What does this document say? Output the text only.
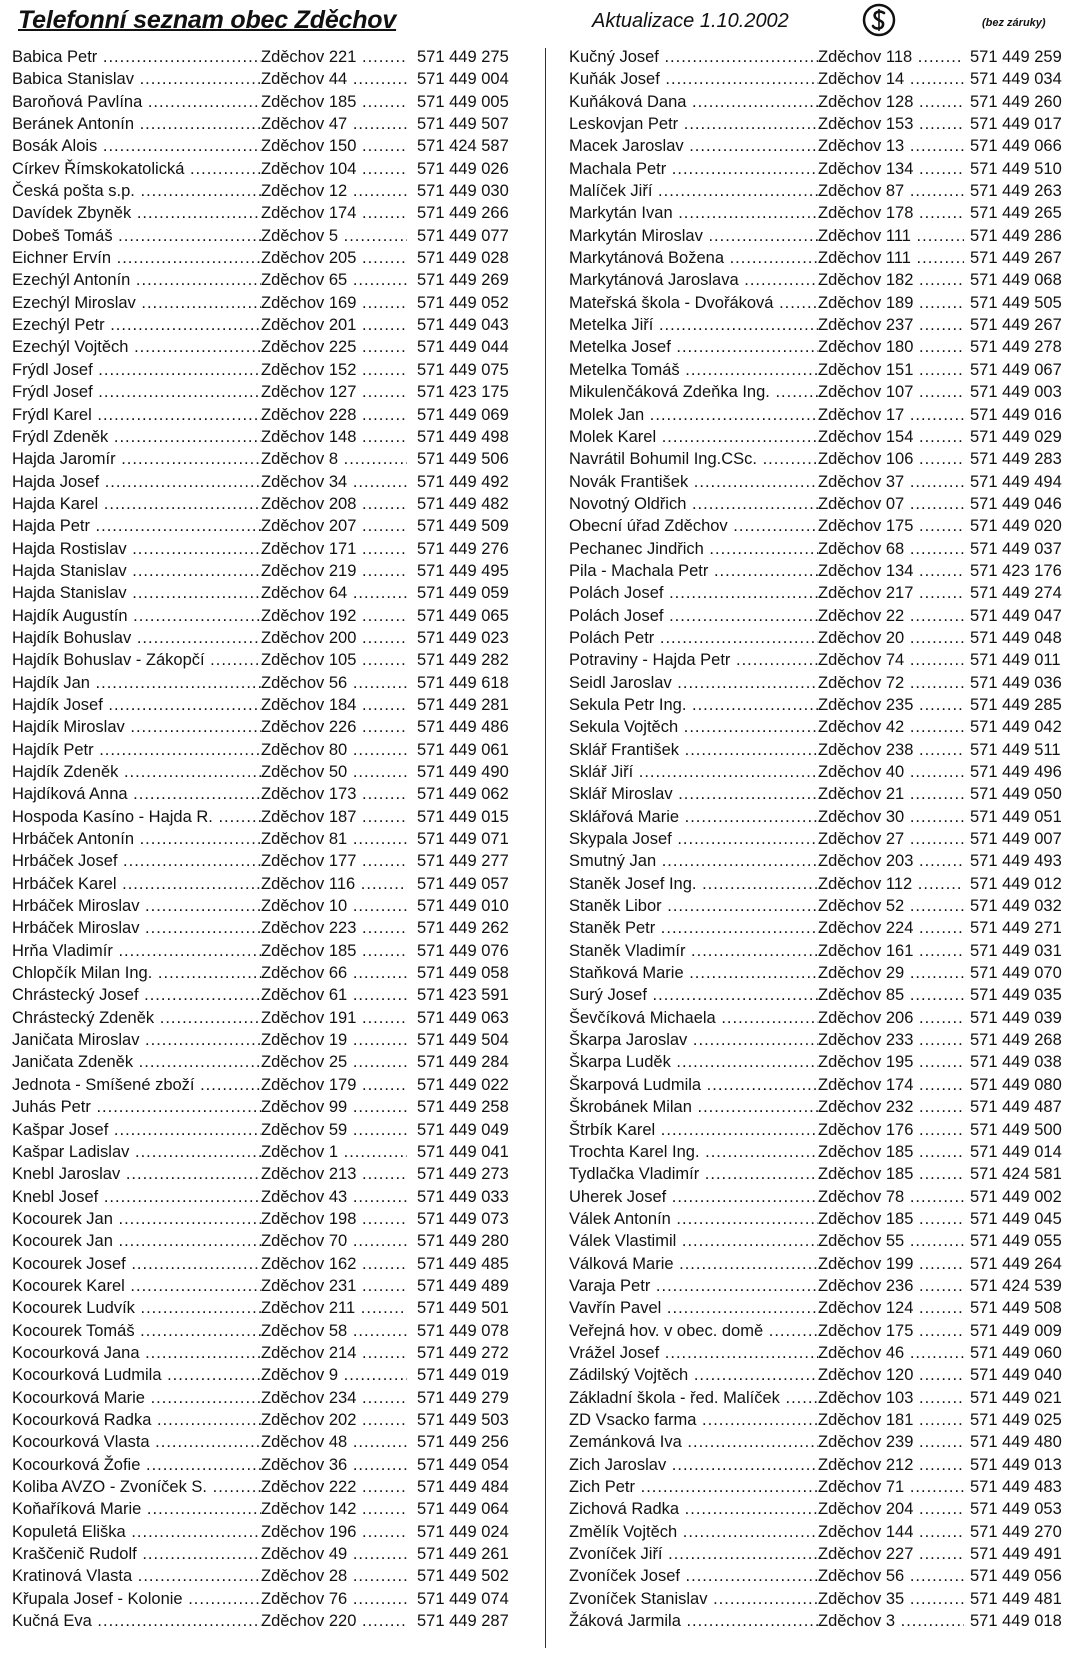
Telefonní seznam obec Zděchov	Aktualizace 1.10.2002	(bez záruky)
Babica Petr .....	Zděchov 221 .....	571 449 275
Babica Stanislav .....	Zděchov 44 .....	571 449 004
Baroňová Pavlína .....	Zděchov 185 .....	571 449 005
Beránek Antonín .....	Zděchov 47 .....	571 449 507
Bosák Alois .....	Zděchov 150 .....	571 424 587
Církev Římskokatolická .....	Zděchov 104 .....	571 449 026
Česká pošta s.p. .....	Zděchov 12 .....	571 449 030
Davídek Zbyněk .....	Zděchov 174 .....	571 449 266
Dobeš Tomáš .....	Zděchov 5 .....	571 449 077
Eichner Ervín .....	Zděchov 205 .....	571 449 028
Ezechýl Antonín .....	Zděchov 65 .....	571 449 269
Ezechýl Miroslav .....	Zděchov 169 .....	571 449 052
Ezechýl Petr .....	Zděchov 201 .....	571 449 043
Ezechýl Vojtěch .....	Zděchov 225 .....	571 449 044
Frýdl Josef .....	Zděchov 152 .....	571 449 075
Frýdl Josef .....	Zděchov 127 .....	571 423 175
Frýdl Karel .....	Zděchov 228 .....	571 449 069
Frýdl Zdeněk .....	Zděchov 148 .....	571 449 498
Hajda Jaromír .....	Zděchov 8 .....	571 449 506
Hajda Josef .....	Zděchov 34 .....	571 449 492
Hajda Karel .....	Zděchov 208 .....	571 449 482
Hajda Petr .....	Zděchov 207 .....	571 449 509
Hajda Rostislav .....	Zděchov 171 .....	571 449 276
Hajda Stanislav .....	Zděchov 219 .....	571 449 495
Hajda Stanislav .....	Zděchov 64 .....	571 449 059
Hajdík Augustín .....	Zděchov 192 .....	571 449 065
Hajdík Bohuslav .....	Zděchov 200 .....	571 449 023
Hajdík Bohuslav - Zákopčí .....	Zděchov 105 .....	571 449 282
Hajdík Jan .....	Zděchov 56 .....	571 449 618
Hajdík Josef .....	Zděchov 184 .....	571 449 281
Hajdík Miroslav .....	Zděchov 226 .....	571 449 486
Hajdík Petr .....	Zděchov 80 .....	571 449 061
Hajdík Zdeněk .....	Zděchov 50 .....	571 449 490
Hajdíková Anna .....	Zděchov 173 .....	571 449 062
Hospoda Kasíno - Hajda R. .....	Zděchov 187 .....	571 449 015
Hrbáček Antonín .....	Zděchov 81 .....	571 449 071
Hrbáček Josef .....	Zděchov 177 .....	571 449 277
Hrbáček Karel .....	Zděchov 116 .....	571 449 057
Hrbáček Miroslav .....	Zděchov 10 .....	571 449 010
Hrbáček Miroslav .....	Zděchov 223 .....	571 449 262
Hrňa Vladimír .....	Zděchov 185 .....	571 449 076
Chlopčík Milan Ing. .....	Zděchov 66 .....	571 449 058
Chrástecký Josef .....	Zděchov 61 .....	571 423 591
Chrástecký Zdeněk .....	Zděchov 191 .....	571 449 063
Janičata Miroslav .....	Zděchov 19 .....	571 449 504
Janičata Zdeněk .....	Zděchov 25 .....	571 449 284
Jednota - Smíšené zboží .....	Zděchov 179 .....	571 449 022
Juhás Petr .....	Zděchov 99 .....	571 449 258
Kašpar Josef .....	Zděchov 59 .....	571 449 049
Kašpar Ladislav .....	Zděchov 1 .....	571 449 041
Knebl Jaroslav .....	Zděchov 213 .....	571 449 273
Knebl Josef .....	Zděchov 43 .....	571 449 033
Kocourek Jan .....	Zděchov 198 .....	571 449 073
Kocourek Jan .....	Zděchov 70 .....	571 449 280
Kocourek Josef .....	Zděchov 162 .....	571 449 485
Kocourek Karel .....	Zděchov 231 .....	571 449 489
Kocourek Ludvík .....	Zděchov 211 .....	571 449 501
Kocourek Tomáš .....	Zděchov 58 .....	571 449 078
Kocourková Jana .....	Zděchov 214 .....	571 449 272
Kocourková Ludmila .....	Zděchov 9 .....	571 449 019
Kocourková Marie .....	Zděchov 234 .....	571 449 279
Kocourková Radka .....	Zděchov 202 .....	571 449 503
Kocourková Vlasta .....	Zděchov 48 .....	571 449 256
Kocourková Žofie .....	Zděchov 36 .....	571 449 054
Koliba AVZO - Zvoníček S. .....	Zděchov 222 .....	571 449 484
Koňaříková Marie .....	Zděchov 142 .....	571 449 064
Kopuletá Eliška .....	Zděchov 196 .....	571 449 024
Kraščenič Rudolf .....	Zděchov 49 .....	571 449 261
Kratinová Vlasta .....	Zděchov 28 .....	571 449 502
Křupala Josef - Kolonie .....	Zděchov 76 .....	571 449 074
Kučná Eva .....	Zděchov 220 .....	571 449 287
Kučný Josef .....	Zděchov 118 .....	571 449 259
Kuňák Josef .....	Zděchov 14 .....	571 449 034
Kuňáková Dana .....	Zděchov 128 .....	571 449 260
Leskovjan Petr .....	Zděchov 153 .....	571 449 017
Macek Jaroslav .....	Zděchov 13 .....	571 449 066
Machala Petr .....	Zděchov 134 .....	571 449 510
Malíček Jiří .....	Zděchov 87 .....	571 449 263
Markytán Ivan .....	Zděchov 178 .....	571 449 265
Markytán Miroslav .....	Zděchov 111 .....	571 449 286
Markytánová Božena .....	Zděchov 111 .....	571 449 267
Markytánová Jaroslava .....	Zděchov 182 .....	571 449 068
Mateřská škola - Dvořáková .....	Zděchov 189 .....	571 449 505
Metelka Jiří .....	Zděchov 237 .....	571 449 267
Metelka Josef .....	Zděchov 180 .....	571 449 278
Metelka Tomáš .....	Zděchov 151 .....	571 449 067
Mikulenčáková Zdeňka Ing. .....	Zděchov 107 .....	571 449 003
Molek Jan .....	Zděchov 17 .....	571 449 016
Molek Karel .....	Zděchov 154 .....	571 449 029
Navrátil Bohumil Ing.CSc. .....	Zděchov 106 .....	571 449 283
Novák František .....	Zděchov 37 .....	571 449 494
Novotný Oldřich .....	Zděchov 07 .....	571 449 046
Obecní úřad Zděchov .....	Zděchov 175 .....	571 449 020
Pechanec Jindřich .....	Zděchov 68 .....	571 449 037
Pila - Machala Petr .....	Zděchov 134 .....	571 423 176
Polách Josef .....	Zděchov 217 .....	571 449 274
Polách Josef .....	Zděchov 22 .....	571 449 047
Polách Petr .....	Zděchov 20 .....	571 449 048
Potraviny - Hajda Petr .....	Zděchov 74 .....	571 449 011
Seidl Jaroslav .....	Zděchov 72 .....	571 449 036
Sekula Petr Ing. .....	Zděchov 235 .....	571 449 285
Sekula Vojtěch .....	Zděchov 42 .....	571 449 042
Sklář František .....	Zděchov 238 .....	571 449 511
Sklář Jiří .....	Zděchov 40 .....	571 449 496
Sklář Miroslav .....	Zděchov 21 .....	571 449 050
Sklářová Marie .....	Zděchov 30 .....	571 449 051
Skypala Josef .....	Zděchov 27 .....	571 449 007
Smutný Jan .....	Zděchov 203 .....	571 449 493
Staněk Josef Ing. .....	Zděchov 112 .....	571 449 012
Staněk Libor .....	Zděchov 52 .....	571 449 032
Staněk Petr .....	Zděchov 224 .....	571 449 271
Staněk Vladimír .....	Zděchov 161 .....	571 449 031
Staňková Marie .....	Zděchov 29 .....	571 449 070
Surý Josef .....	Zděchov 85 .....	571 449 035
Ševčíková Michaela .....	Zděchov 206 .....	571 449 039
Škarpa Jaroslav .....	Zděchov 233 .....	571 449 268
Škarpa Luděk .....	Zděchov 195 .....	571 449 038
Škarpová Ludmila .....	Zděchov 174 .....	571 449 080
Škrobánek Milan .....	Zděchov 232 .....	571 449 487
Štrbík Karel .....	Zděchov 176 .....	571 449 500
Trochta Karel Ing. .....	Zděchov 185 .....	571 449 014
Tydlačka Vladimír .....	Zděchov 185 .....	571 424 581
Uherek Josef .....	Zděchov 78 .....	571 449 002
Válek Antonín .....	Zděchov 185 .....	571 449 045
Válek Vlastimil .....	Zděchov 55 .....	571 449 055
Válková Marie .....	Zděchov 199 .....	571 449 264
Varaja Petr .....	Zděchov 236 .....	571 424 539
Vavřín Pavel .....	Zděchov 124 .....	571 449 508
Veřejná hov. v obec. domě .....	Zděchov 175 .....	571 449 009
Vrážel Josef .....	Zděchov 46 .....	571 449 060
Zádilský Vojtěch .....	Zděchov 120 .....	571 449 040
Základní škola - řed. Malíček .....	Zděchov 103 .....	571 449 021
ZD Vsacko farma .....	Zděchov 181 .....	571 449 025
Zemánková Iva .....	Zděchov 239 .....	571 449 480
Zich Jaroslav .....	Zděchov 212 .....	571 449 013
Zich Petr .....	Zděchov 71 .....	571 449 483
Zichová Radka .....	Zděchov 204 .....	571 449 053
Změlík Vojtěch .....	Zděchov 144 .....	571 449 270
Zvoníček Jiří .....	Zděchov 227 .....	571 449 491
Zvoníček Josef .....	Zděchov 56 .....	571 449 056
Zvoníček Stanislav .....	Zděchov 35 .....	571 449 481
Žáková Jarmila .....	Zděchov 3 .....	571 449 018
